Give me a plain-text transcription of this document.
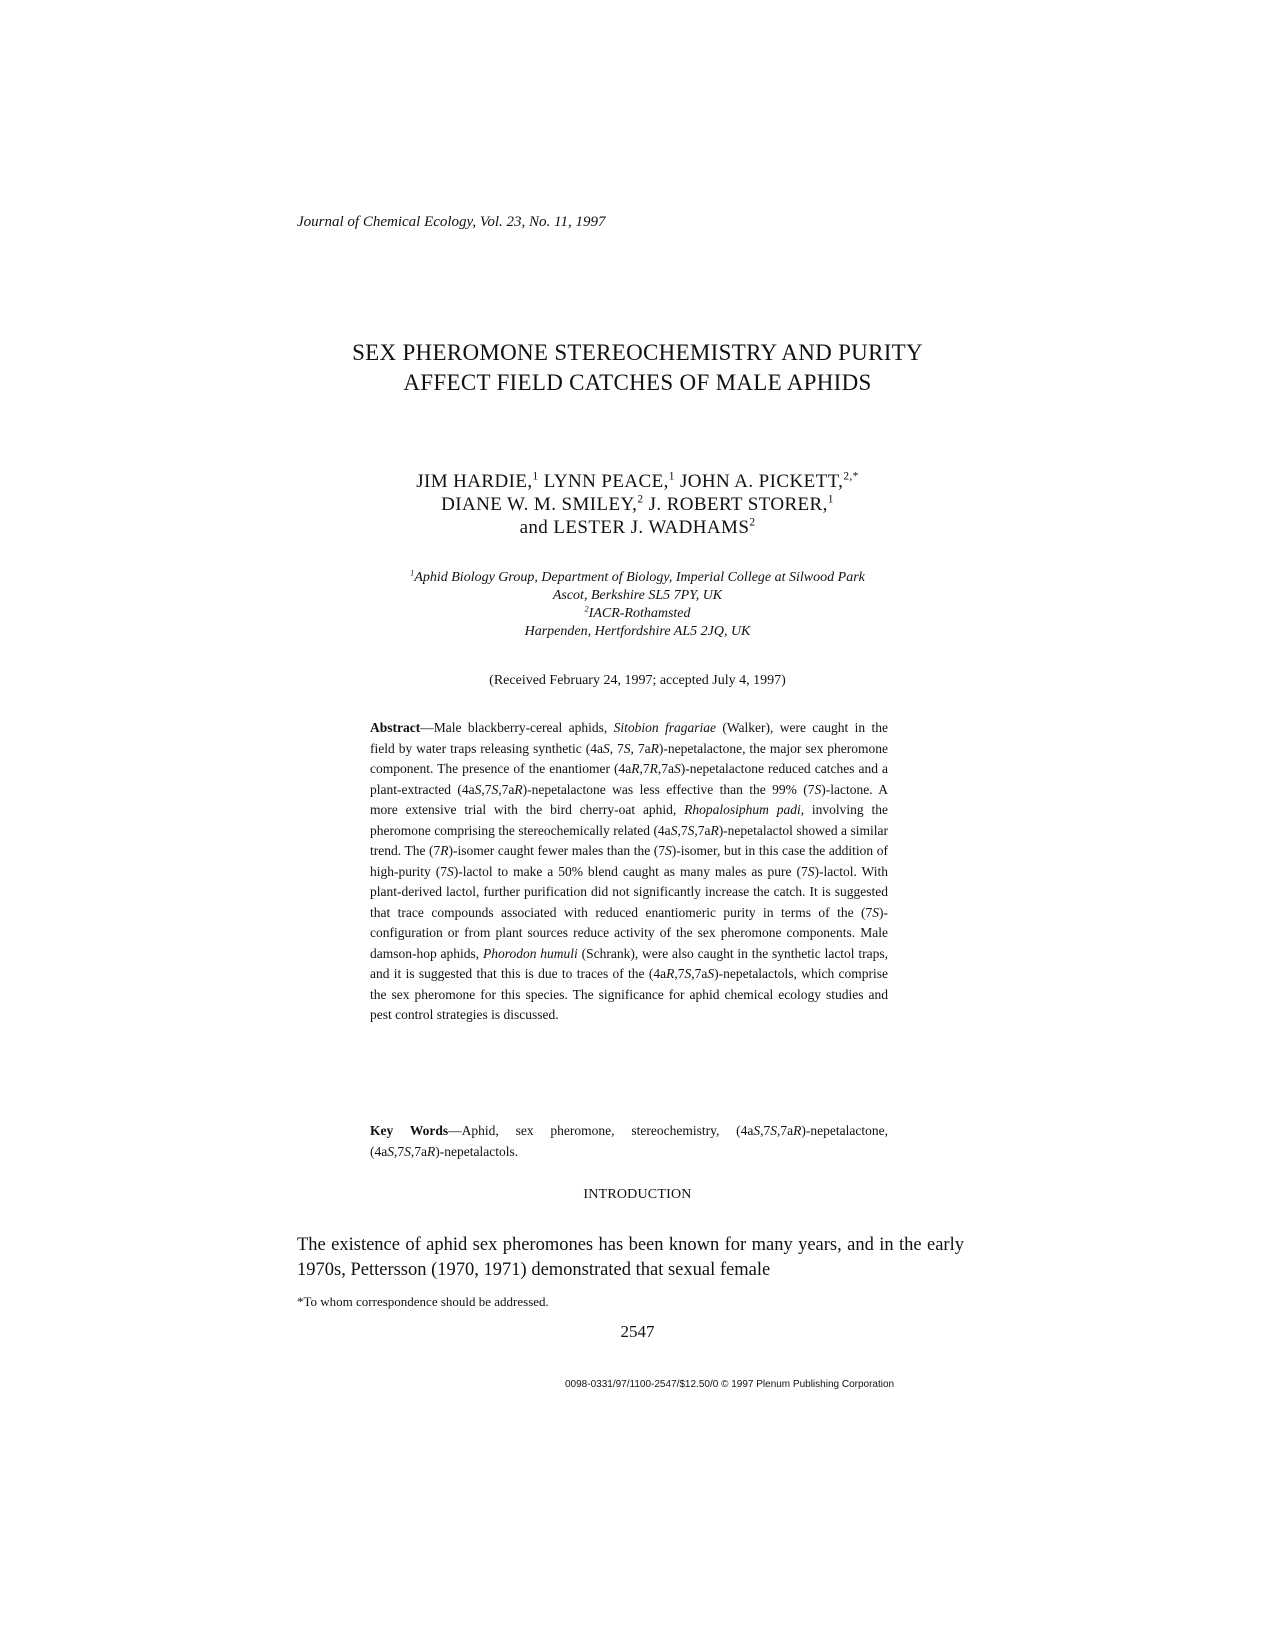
Journal of Chemical Ecology, Vol. 23, No. 11, 1997
SEX PHEROMONE STEREOCHEMISTRY AND PURITY
AFFECT FIELD CATCHES OF MALE APHIDS
JIM HARDIE,$^1$ LYNN PEACE,$^1$ JOHN A. PICKETT,$^{2,*}$
DIANE W. M. SMILEY,$^2$ J. ROBERT STORER,$^1$
and LESTER J. WADHAMS$^2$
$^1$Aphid Biology Group, Department of Biology, Imperial College at Silwood Park
Ascot, Berkshire SL5 7PY, UK
$^2$IACR-Rothamsted
Harpenden, Hertfordshire AL5 2JQ, UK
(Received February 24, 1997; accepted July 4, 1997)
Abstract—Male blackberry-cereal aphids, Sitobion fragariae (Walker), were caught in the field by water traps releasing synthetic (4aS, 7S, 7aR)-nepetalactone, the major sex pheromone component. The presence of the enantiomer (4aR,7R,7aS)-nepetalactone reduced catches and a plant-extracted (4aS,7S,7aR)-nepetalactone was less effective than the 99% (7S)-lactone. A more extensive trial with the bird cherry-oat aphid, Rhopalosiphum padi, involving the pheromone comprising the stereochemically related (4aS,7S,7aR)-nepetalactol showed a similar trend. The (7R)-isomer caught fewer males than the (7S)-isomer, but in this case the addition of high-purity (7S)-lactol to make a 50% blend caught as many males as pure (7S)-lactol. With plant-derived lactol, further purification did not significantly increase the catch. It is suggested that trace compounds associated with reduced enantiomeric purity in terms of the (7S)-configuration or from plant sources reduce activity of the sex pheromone components. Male damson-hop aphids, Phorodon humuli (Schrank), were also caught in the synthetic lactol traps, and it is suggested that this is due to traces of the (4aR,7S,7aS)-nepetalactols, which comprise the sex pheromone for this species. The significance for aphid chemical ecology studies and pest control strategies is discussed.
Key Words—Aphid, sex pheromone, stereochemistry, (4aS,7S,7aR)-nepetalactone, (4aS,7S,7aR)-nepetalactols.
INTRODUCTION
The existence of aphid sex pheromones has been known for many years, and in the early 1970s, Pettersson (1970, 1971) demonstrated that sexual female
*To whom correspondence should be addressed.
2547
0098-0331/97/1100-2547/$12.50/0 © 1997 Plenum Publishing Corporation
